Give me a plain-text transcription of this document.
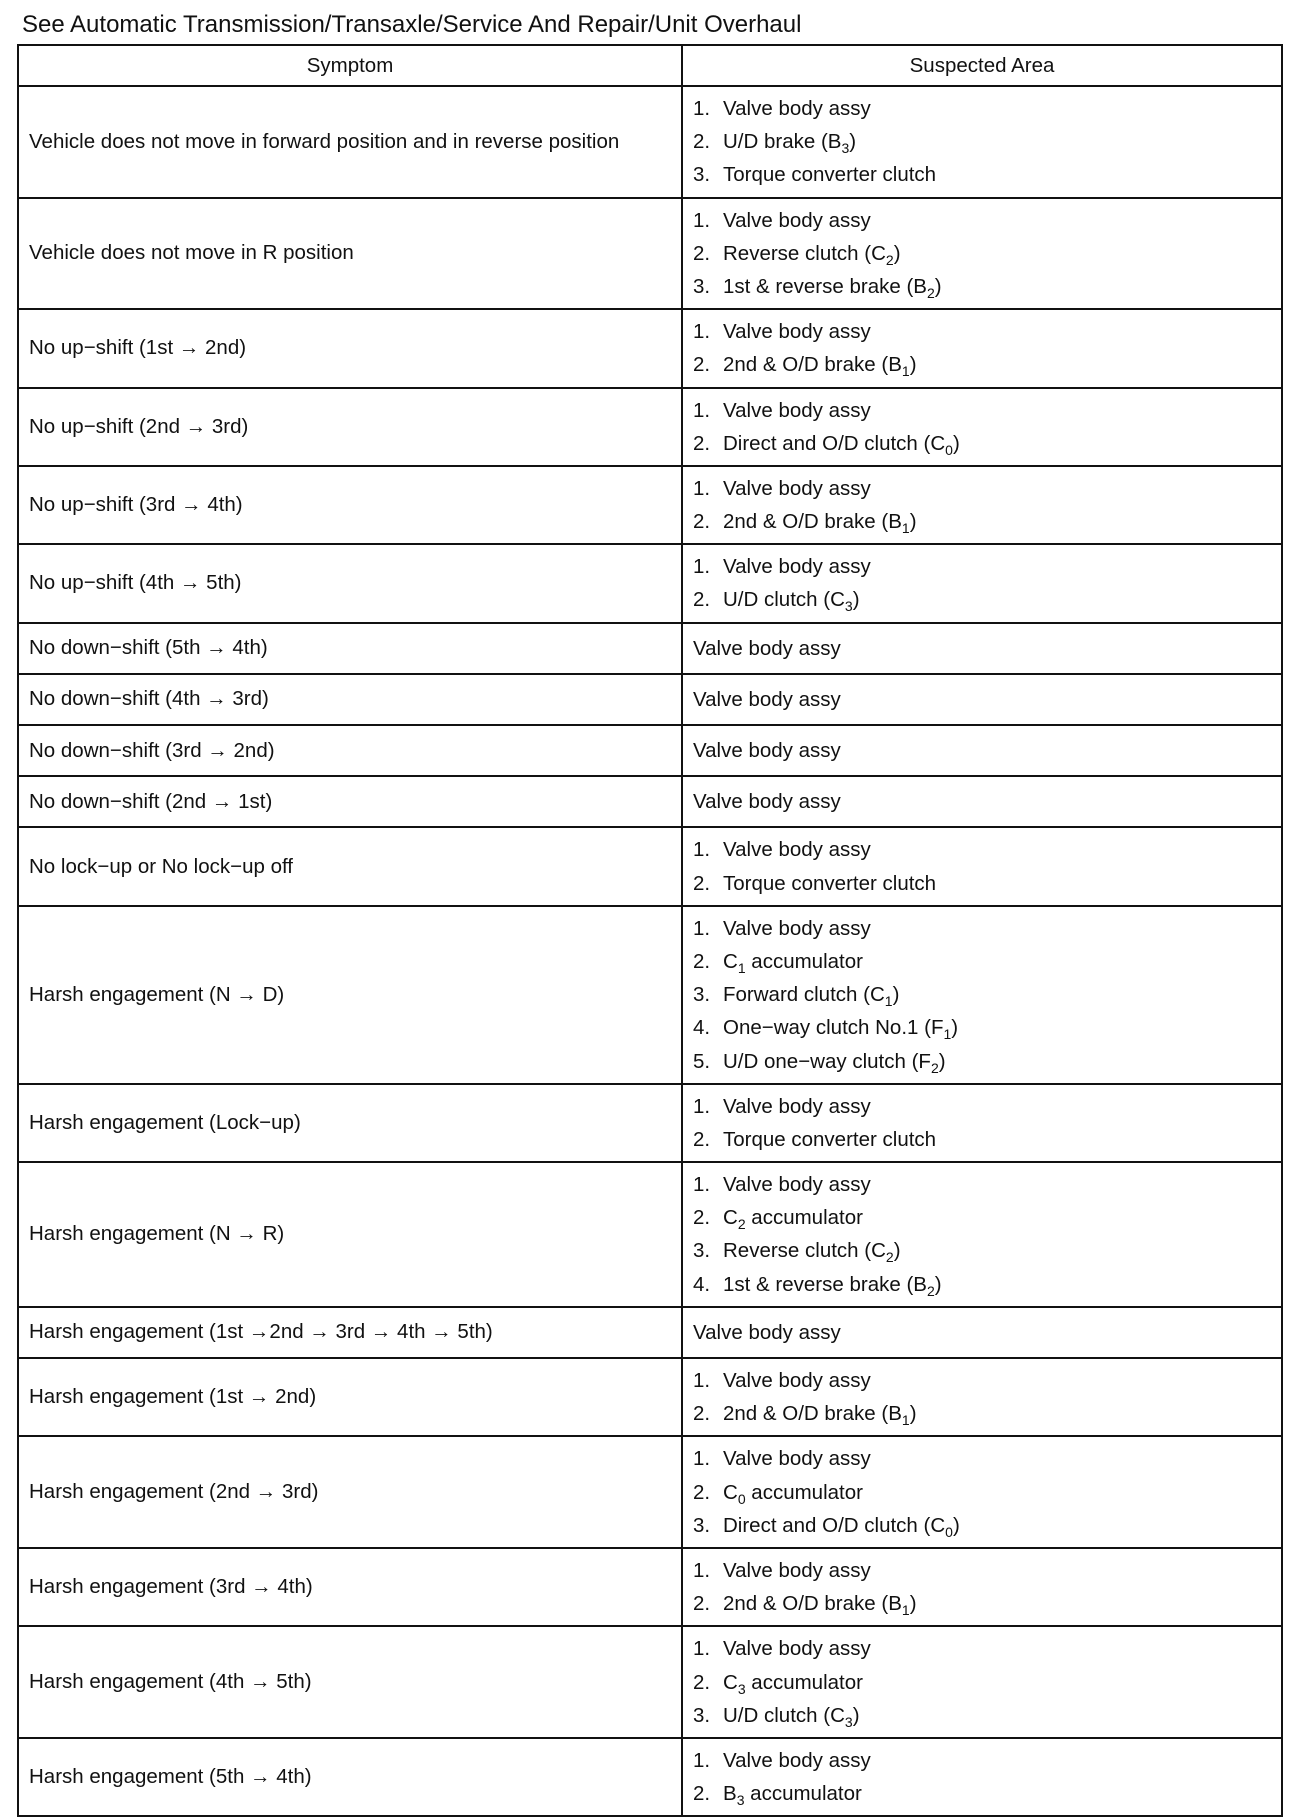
See Automatic Transmission/Transaxle/Service And Repair/Unit Overhaul
Symptom	Suspected Area
Vehicle does not move in forward position and in reverse position	1. Valve body assy
2. U/D brake $(B_3)$
3. Torque converter clutch

Vehicle does not move in R position	1. Valve body assy
2. Reverse clutch $(C_2)$
3. 1st & reverse brake $(B_2)$

No up−shift (1st → 2nd)	1. Valve body assy
2. 2nd & O/D brake $(B_1)$

No up−shift (2nd → 3rd)	1. Valve body assy
2. Direct and O/D clutch $(C_0)$

No up−shift (3rd → 4th)	1. Valve body assy
2. 2nd & O/D brake $(B_1)$

No up−shift (4th → 5th)	1. Valve body assy
2. U/D clutch $(C_3)$

No down−shift (5th → 4th)	Valve body assy

No down−shift (4th → 3rd)	Valve body assy

No down−shift (3rd → 2nd)	Valve body assy

No down−shift (2nd → 1st)	Valve body assy

No lock−up or No lock−up off	1. Valve body assy
2. Torque converter clutch

Harsh engagement (N → D)	1. Valve body assy
2. $C_1$ accumulator
3. Forward clutch $(C_1)$
4. One−way clutch No.1 $(F_1)$
5. U/D one−way clutch $(F_2)$

Harsh engagement (Lock−up)	1. Valve body assy
2. Torque converter clutch

Harsh engagement (N → R)	1. Valve body assy
2. $C_2$ accumulator
3. Reverse clutch $(C_2)$
4. 1st & reverse brake $(B_2)$

Harsh engagement (1st →2nd → 3rd → 4th → 5th)	Valve body assy

Harsh engagement (1st → 2nd)	1. Valve body assy
2. 2nd & O/D brake $(B_1)$

Harsh engagement (2nd → 3rd)	1. Valve body assy
2. $C_0$ accumulator
3. Direct and O/D clutch $(C_0)$

Harsh engagement (3rd → 4th)	1. Valve body assy
2. 2nd & O/D brake $(B_1)$

Harsh engagement (4th → 5th)	1. Valve body assy
2. $C_3$ accumulator
3. U/D clutch $(C_3)$

Harsh engagement (5th → 4th)	1. Valve body assy
2. $B_3$ accumulator
